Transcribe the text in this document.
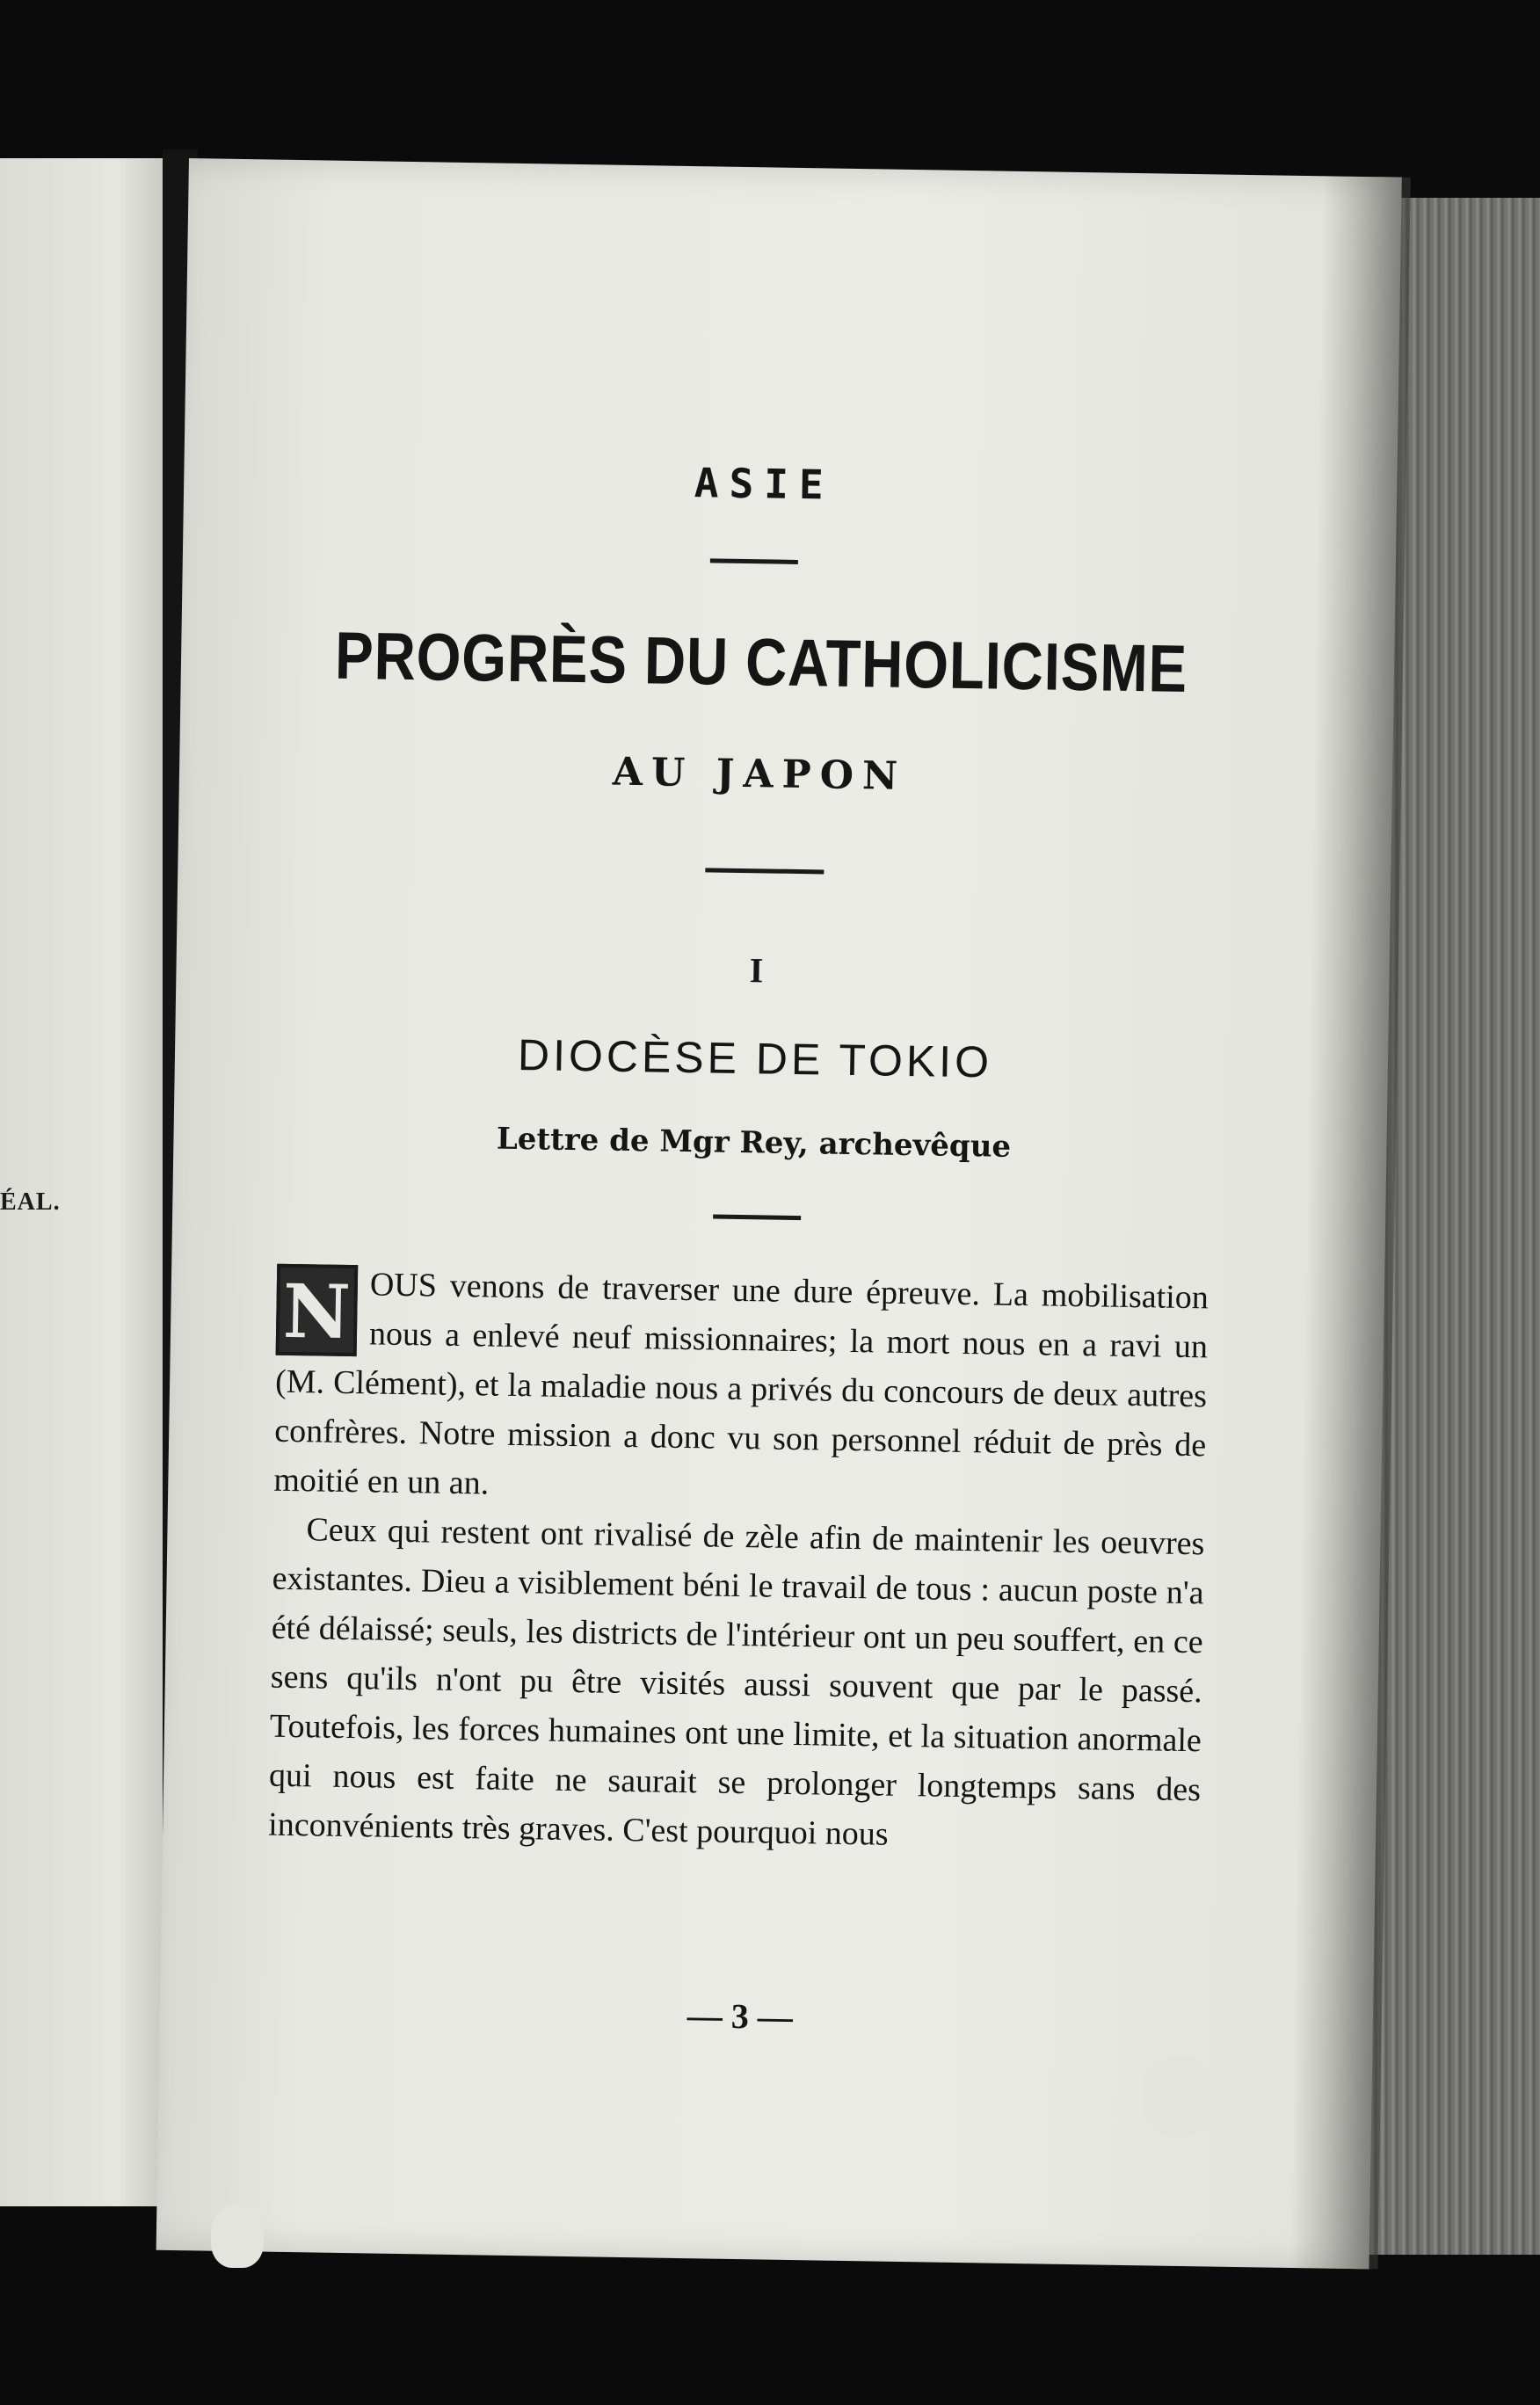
ÉAL.
ASIE
PROGRÈS DU CATHOLICISME
AU JAPON
I
DIOCÈSE DE TOKIO
Lettre de Mgr Rey, archevêque

N OUS venons de traverser une dure épreuve. La mobilisation nous a enlevé neuf missionnaires; la mort nous en a ravi un (M. Clément), et la maladie nous a privés du concours de deux autres confrères. Notre mission a donc vu son personnel réduit de près de moitié en un an.

Ceux qui restent ont rivalisé de zèle afin de maintenir les oeuvres existantes. Dieu a visiblement béni le travail de tous : aucun poste n'a été délaissé; seuls, les districts de l'intérieur ont un peu souffert, en ce sens qu'ils n'ont pu être visités aussi souvent que par le passé. Toutefois, les forces humaines ont une limite, et la situation anormale qui nous est faite ne saurait se prolonger longtemps sans des inconvénients très graves. C'est pourquoi nous

— 3 —
